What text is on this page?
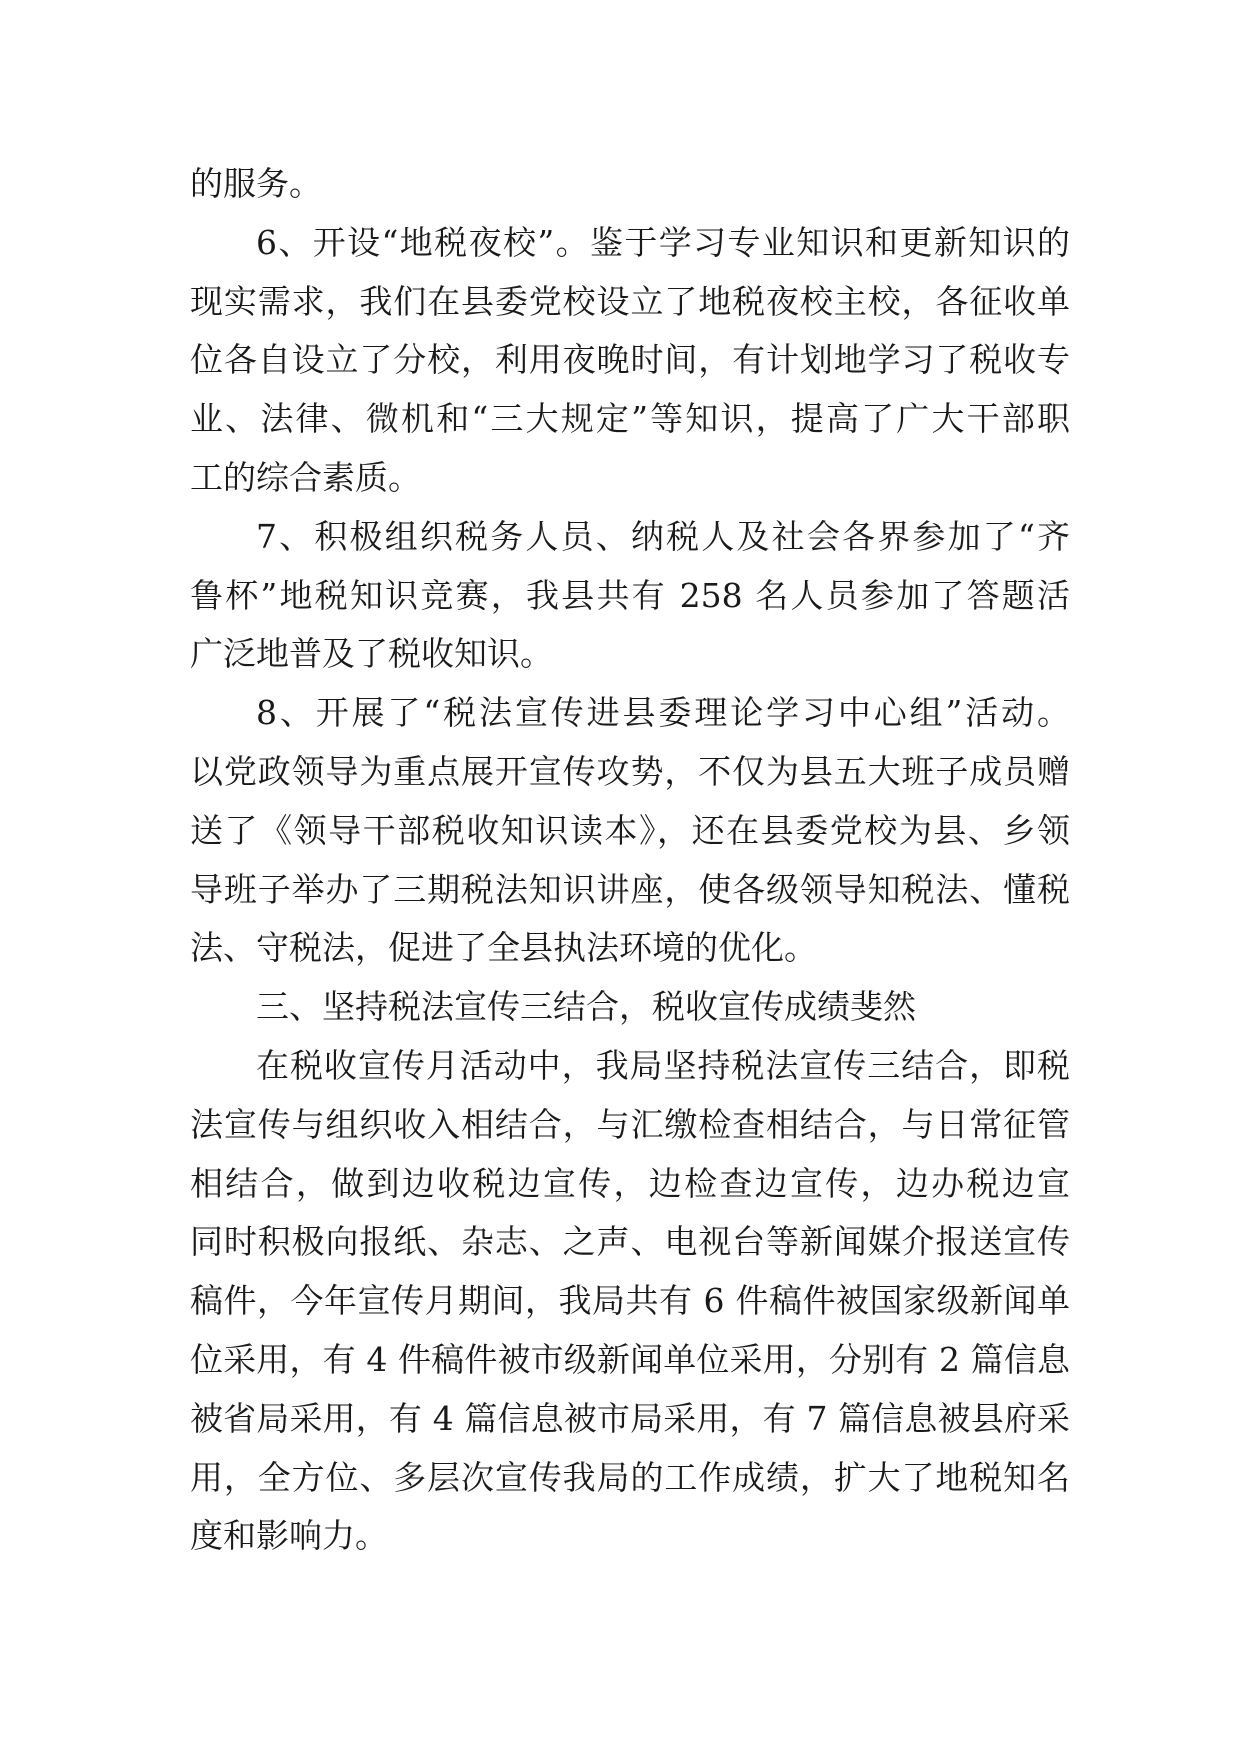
的服务。
6、开设“地税夜校”。鉴于学习专业知识和更新知识的
现实需求，我们在县委党校设立了地税夜校主校，各征收单
位各自设立了分校，利用夜晚时间，有计划地学习了税收专
业、法律、微机和“三大规定”等知识，提高了广大干部职
工的综合素质。
7、积极组织税务人员、纳税人及社会各界参加了“齐
鲁杯”地税知识竞赛，我县共有 258 名人员参加了答题活
广泛地普及了税收知识。
8、开展了“税法宣传进县委理论学习中心组”活动。
以党政领导为重点展开宣传攻势，不仅为县五大班子成员赠
送了《领导干部税收知识读本》，还在县委党校为县、乡领
导班子举办了三期税法知识讲座，使各级领导知税法、懂税
法、守税法，促进了全县执法环境的优化。
三、坚持税法宣传三结合，税收宣传成绩斐然
在税收宣传月活动中，我局坚持税法宣传三结合，即税
法宣传与组织收入相结合，与汇缴检查相结合，与日常征管
相结合，做到边收税边宣传，边检查边宣传，边办税边宣
同时积极向报纸、杂志、之声、电视台等新闻媒介报送宣传
稿件，今年宣传月期间，我局共有 6 件稿件被国家级新闻单
位采用，有 4 件稿件被市级新闻单位采用，分别有 2 篇信息
被省局采用，有 4 篇信息被市局采用，有 7 篇信息被县府采
用，全方位、多层次宣传我局的工作成绩，扩大了地税知名
度和影响力。
